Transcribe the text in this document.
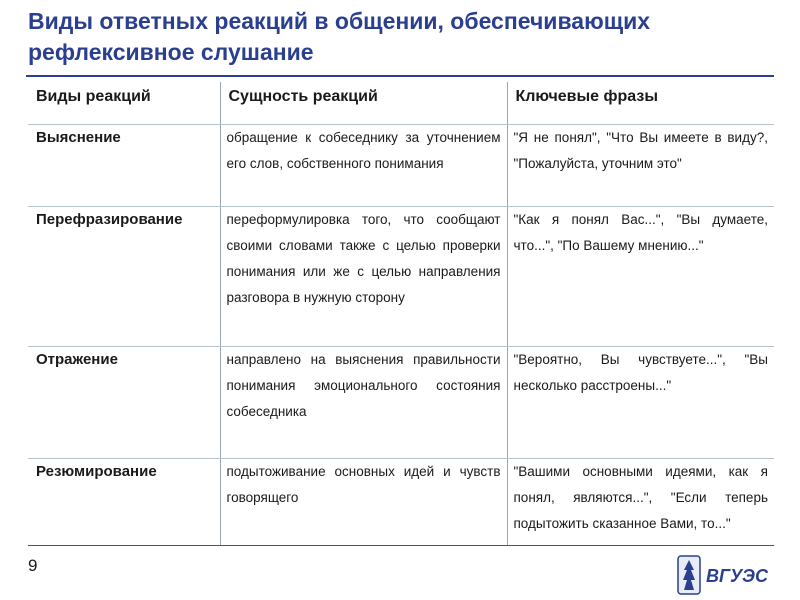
Виды ответных реакций в общении, обеспечивающих рефлексивное слушание
Виды реакций	Сущность реакций	Ключевые фразы
Выяснение	обращение к собеседнику за уточнением его слов, собственного понимания	"Я не понял", "Что Вы имеете в виду?, "Пожалуйста, уточним это"
Перефразирование	переформулировка того, что сообщают своими словами также с целью проверки понимания или же с целью направления разговора в нужную сторону	"Как я понял Вас...", "Вы думаете, что...", "По Вашему мнению..."
Отражение	направлено на выяснения правильности понимания эмоционального состояния собеседника	"Вероятно, Вы чувствуете...", "Вы несколько расстроены..."
Резюмирование	подытоживание основных идей и чувств говорящего	"Вашими основными идеями, как я понял, являются...", "Если теперь подытожить сказанное Вами, то..."
9
ВГУЭС
